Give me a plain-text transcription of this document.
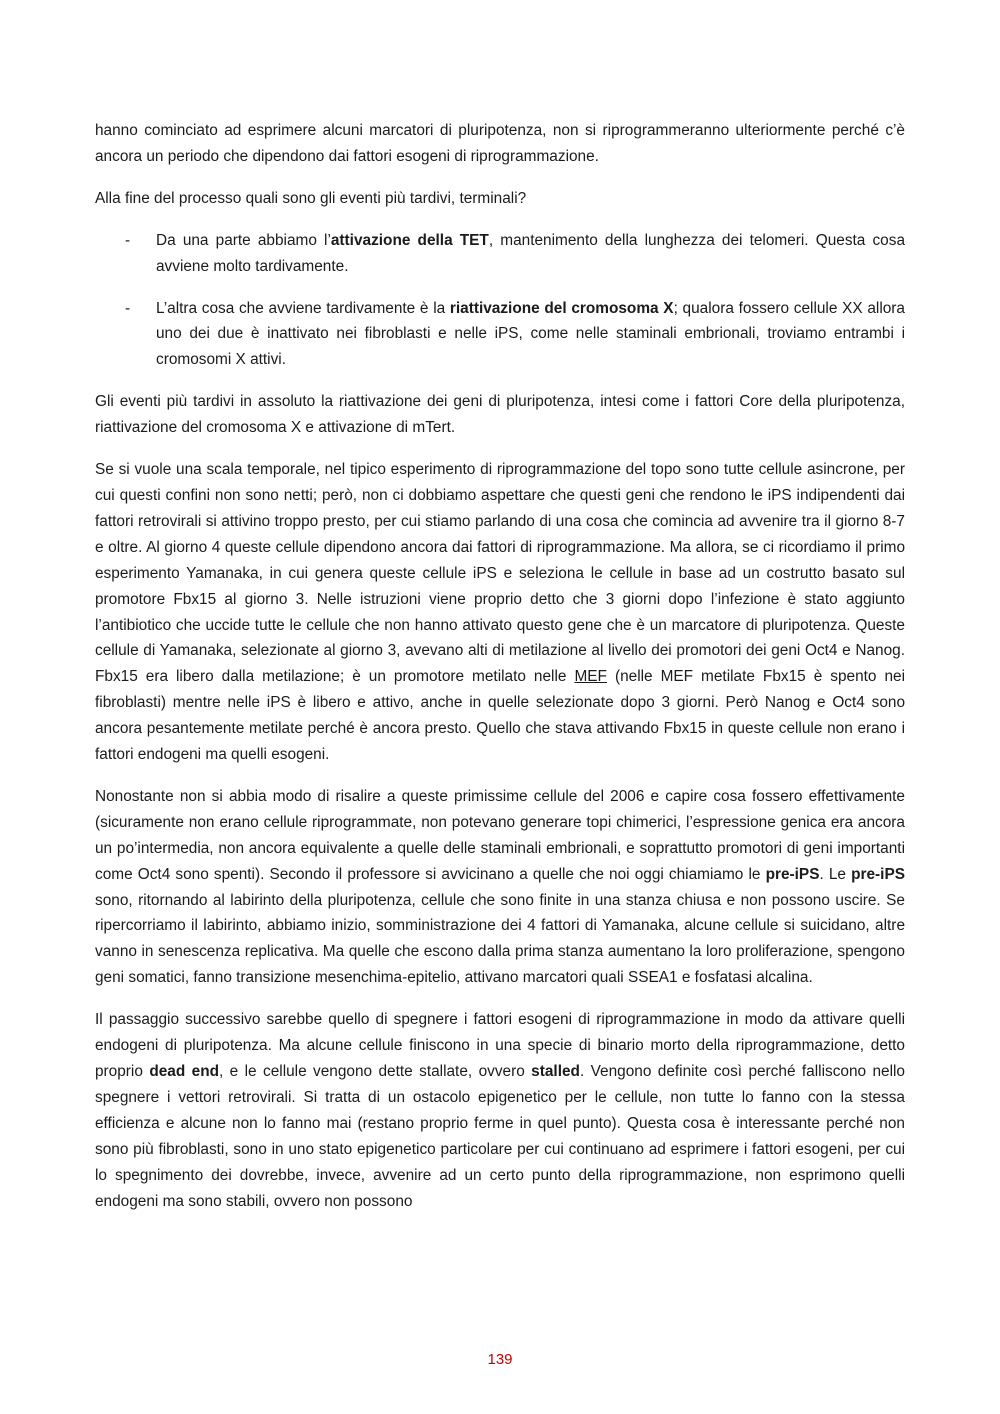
hanno cominciato ad esprimere alcuni marcatori di pluripotenza, non si riprogrammeranno ulteriormente perché c’è ancora un periodo che dipendono dai fattori esogeni di riprogrammazione.

Alla fine del processo quali sono gli eventi più tardivi, terminali?

- Da una parte abbiamo l’attivazione della TET, mantenimento della lunghezza dei telomeri. Questa cosa avviene molto tardivamente.
- L’altra cosa che avviene tardivamente è la riattivazione del cromosoma X; qualora fossero cellule XX allora uno dei due è inattivato nei fibroblasti e nelle iPS, come nelle staminali embrionali, troviamo entrambi i cromosomi X attivi.

Gli eventi più tardivi in assoluto la riattivazione dei geni di pluripotenza, intesi come i fattori Core della pluripotenza, riattivazione del cromosoma X e attivazione di mTert.

Se si vuole una scala temporale, nel tipico esperimento di riprogrammazione del topo sono tutte cellule asincrone, per cui questi confini non sono netti; però, non ci dobbiamo aspettare che questi geni che rendono le iPS indipendenti dai fattori retrovirali si attivino troppo presto, per cui stiamo parlando di una cosa che comincia ad avvenire tra il giorno 8-7 e oltre. Al giorno 4 queste cellule dipendono ancora dai fattori di riprogrammazione. Ma allora, se ci ricordiamo il primo esperimento Yamanaka, in cui genera queste cellule iPS e seleziona le cellule in base ad un costrutto basato sul promotore Fbx15 al giorno 3. Nelle istruzioni viene proprio detto che 3 giorni dopo l’infezione è stato aggiunto l’antibiotico che uccide tutte le cellule che non hanno attivato questo gene che è un marcatore di pluripotenza. Queste cellule di Yamanaka, selezionate al giorno 3, avevano alti di metilazione al livello dei promotori dei geni Oct4 e Nanog. Fbx15 era libero dalla metilazione; è un promotore metilato nelle MEF (nelle MEF metilate Fbx15 è spento nei fibroblasti) mentre nelle iPS è libero e attivo, anche in quelle selezionate dopo 3 giorni. Però Nanog e Oct4 sono ancora pesantemente metilate perché è ancora presto. Quello che stava attivando Fbx15 in queste cellule non erano i fattori endogeni ma quelli esogeni.

Nonostante non si abbia modo di risalire a queste primissime cellule del 2006 e capire cosa fossero effettivamente (sicuramente non erano cellule riprogrammate, non potevano generare topi chimerici, l’espressione genica era ancora un po’intermedia, non ancora equivalente a quelle delle staminali embrionali, e soprattutto promotori di geni importanti come Oct4 sono spenti). Secondo il professore si avvicinano a quelle che noi oggi chiamiamo le pre-iPS. Le pre-iPS sono, ritornando al labirinto della pluripotenza, cellule che sono finite in una stanza chiusa e non possono uscire. Se ripercorriamo il labirinto, abbiamo inizio, somministrazione dei 4 fattori di Yamanaka, alcune cellule si suicidano, altre vanno in senescenza replicativa. Ma quelle che escono dalla prima stanza aumentano la loro proliferazione, spengono geni somatici, fanno transizione mesenchima-epitelio, attivano marcatori quali SSEA1 e fosfatasi alcalina.

Il passaggio successivo sarebbe quello di spegnere i fattori esogeni di riprogrammazione in modo da attivare quelli endogeni di pluripotenza. Ma alcune cellule finiscono in una specie di binario morto della riprogrammazione, detto proprio dead end, e le cellule vengono dette stallate, ovvero stalled. Vengono definite così perché falliscono nello spegnere i vettori retrovirali. Si tratta di un ostacolo epigenetico per le cellule, non tutte lo fanno con la stessa efficienza e alcune non lo fanno mai (restano proprio ferme in quel punto). Questa cosa è interessante perché non sono più fibroblasti, sono in uno stato epigenetico particolare per cui continuano ad esprimere i fattori esogeni, per cui lo spegnimento dei dovrebbe, invece, avvenire ad un certo punto della riprogrammazione, non esprimono quelli endogeni ma sono stabili, ovvero non possono

139
